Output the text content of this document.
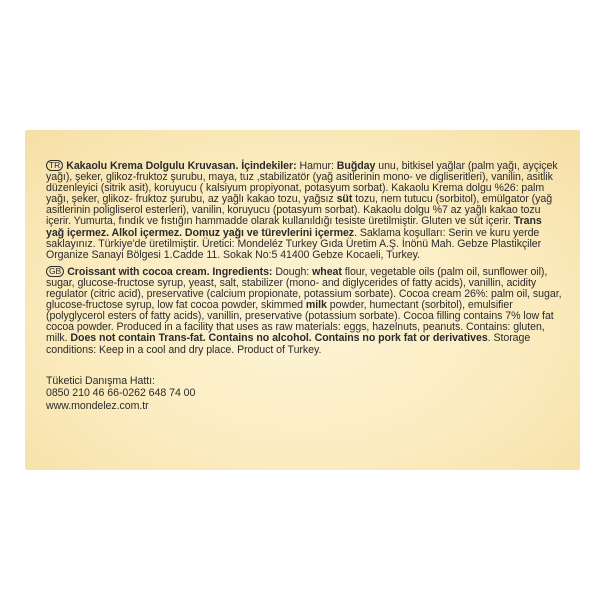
TR Kakaolu Krema Dolgulu Kruvasan. İçindekiler: Hamur: Buğday unu, bitkisel yağlar (palm yağı, ayçiçek yağı), şeker, glikoz-fruktoz şurubu, maya, tuz ,stabilizatör (yağ asitlerinin mono- ve digliseritleri), vanilin, asitlik düzenleyici (sitrik asit), koruyucu ( kalsiyum propiyonat, potasyum sorbat). Kakaolu Krema dolgu %26: palm yağı, şeker, glikoz- fruktoz şurubu, az yağlı kakao tozu, yağsız süt tozu, nem tutucu (sorbitol), emülgator (yağ asitlerinin poligliserol esterleri), vanilin, koruyucu (potasyum sorbat). Kakaolu dolgu %7 az yağlı kakao tozu içerir. Yumurta, fındık ve fıstığın hammadde olarak kullanıldığı tesiste üretilmiştir. Gluten ve süt içerir. Trans yağ içermez. Alkol içermez. Domuz yağı ve türevlerini içermez. Saklama koşulları: Serin ve kuru yerde saklayınız. Türkiye'de üretilmiştir. Üretici: Mondeléz Turkey Gıda Üretim A.Ş. İnönü Mah. Gebze Plastikçiler Organize Sanayi Bölgesi 1.Cadde 11. Sokak No:5 41400 Gebze Kocaeli, Turkey.

GB Croissant with cocoa cream. Ingredients: Dough: wheat flour, vegetable oils (palm oil, sunflower oil), sugar, glucose-fructose syrup, yeast, salt, stabilizer (mono- and diglycerides of fatty acids), vanillin, acidity regulator (citric acid), preservative (calcium propionate, potassium sorbate). Cocoa cream 26%: palm oil, sugar, glucose-fructose syrup, low fat cocoa powder, skimmed milk powder, humectant (sorbitol), emulsifier (polyglycerol esters of fatty acids), vanillin, preservative (potassium sorbate). Cocoa filling contains 7% low fat cocoa powder. Produced in a facility that uses as raw materials: eggs, hazelnuts, peanuts. Contains: gluten, milk. Does not contain Trans-fat. Contains no alcohol. Contains no pork fat or derivatives. Storage conditions: Keep in a cool and dry place. Product of Turkey.

Tüketici Danışma Hattı:
0850 210 46 66-0262 648 74 00
www.mondelez.com.tr
